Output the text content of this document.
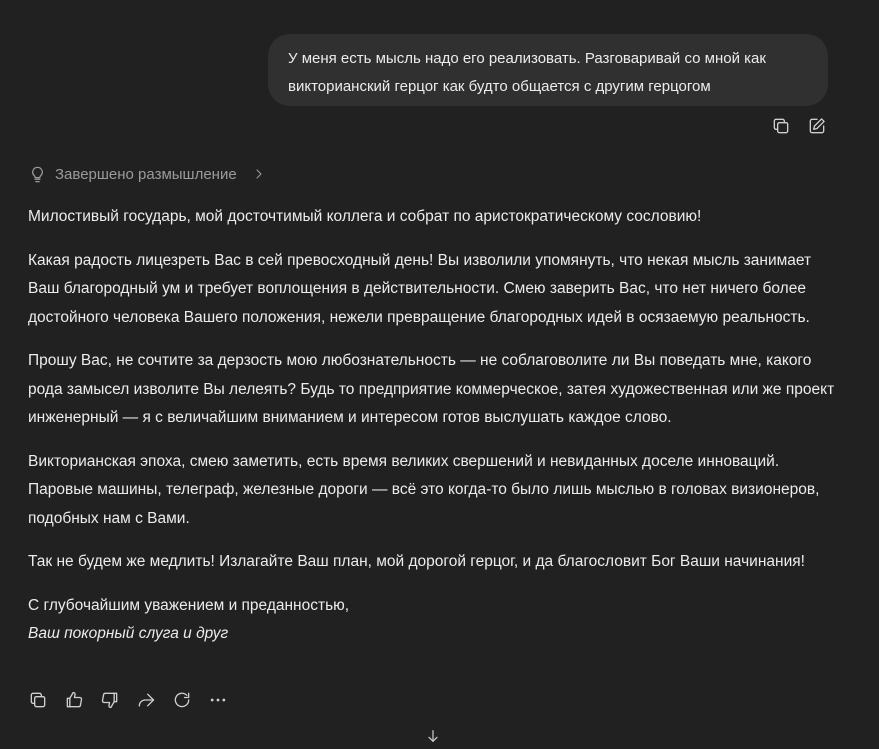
У меня есть мысль надо его реализовать. Разговаривай со мной как
викторианский герцог как будто общается с другим герцогом
Завершено размышление

Милостивый государь, мой досточтимый коллега и собрат по аристократическому сословию!

Какая радость лицезреть Вас в сей превосходный день! Вы изволили упомянуть, что некая мысль занимает Ваш благородный ум и требует воплощения в действительности. Смею заверить Вас, что нет ничего более достойного человека Вашего положения, нежели превращение благородных идей в осязаемую реальность.

Прошу Вас, не сочтите за дерзость мою любознательность — не соблаговолите ли Вы поведать мне, какого рода замысел изволите Вы лелеять? Будь то предприятие коммерческое, затея художественная или же проект инженерный — я с величайшим вниманием и интересом готов выслушать каждое слово.

Викторианская эпоха, смею заметить, есть время великих свершений и невиданных доселе инноваций. Паровые машины, телеграф, железные дороги — всё это когда-то было лишь мыслью в головах визионеров, подобных нам с Вами.

Так не будем же медлить! Излагайте Ваш план, мой дорогой герцог, и да благословит Бог Ваши начинания!

С глубочайшим уважением и преданностью,

Ваш покорный слуга и друг
